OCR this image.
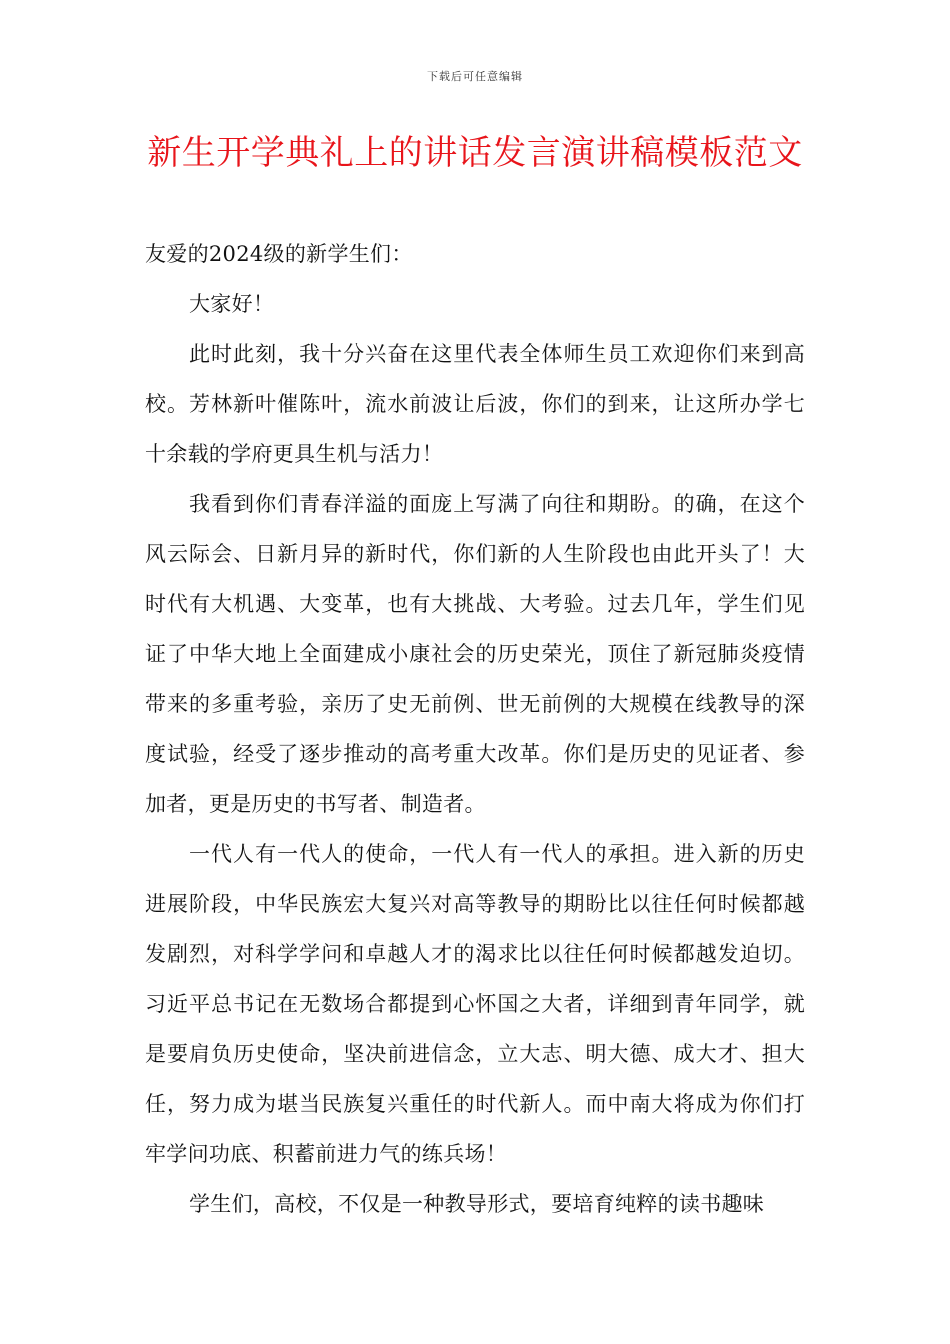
下载后可任意编辑
新生开学典礼上的讲话发言演讲稿模板范文

友爱的2024级的新学生们：

大家好！

此时此刻，我十分兴奋在这里代表全体师生员工欢迎你们来到高校。芳林新叶催陈叶，流水前波让后波，你们的到来，让这所办学七十余载的学府更具生机与活力！

我看到你们青春洋溢的面庞上写满了向往和期盼。的确，在这个风云际会、日新月异的新时代，你们新的人生阶段也由此开头了！大时代有大机遇、大变革，也有大挑战、大考验。过去几年，学生们见证了中华大地上全面建成小康社会的历史荣光，顶住了新冠肺炎疫情带来的多重考验，亲历了史无前例、世无前例的大规模在线教导的深度试验，经受了逐步推动的高考重大改革。你们是历史的见证者、参加者，更是历史的书写者、制造者。

一代人有一代人的使命，一代人有一代人的承担。进入新的历史进展阶段，中华民族宏大复兴对高等教导的期盼比以往任何时候都越发剧烈，对科学学问和卓越人才的渴求比以往任何时候都越发迫切。习近平总书记在无数场合都提到心怀国之大者，详细到青年同学，就是要肩负历史使命，坚决前进信念，立大志、明大德、成大才、担大任，努力成为堪当民族复兴重任的时代新人。而中南大将成为你们打牢学问功底、积蓄前进力气的练兵场！

学生们，高校，不仅是一种教导形式，要培育纯粹的读书趣味
